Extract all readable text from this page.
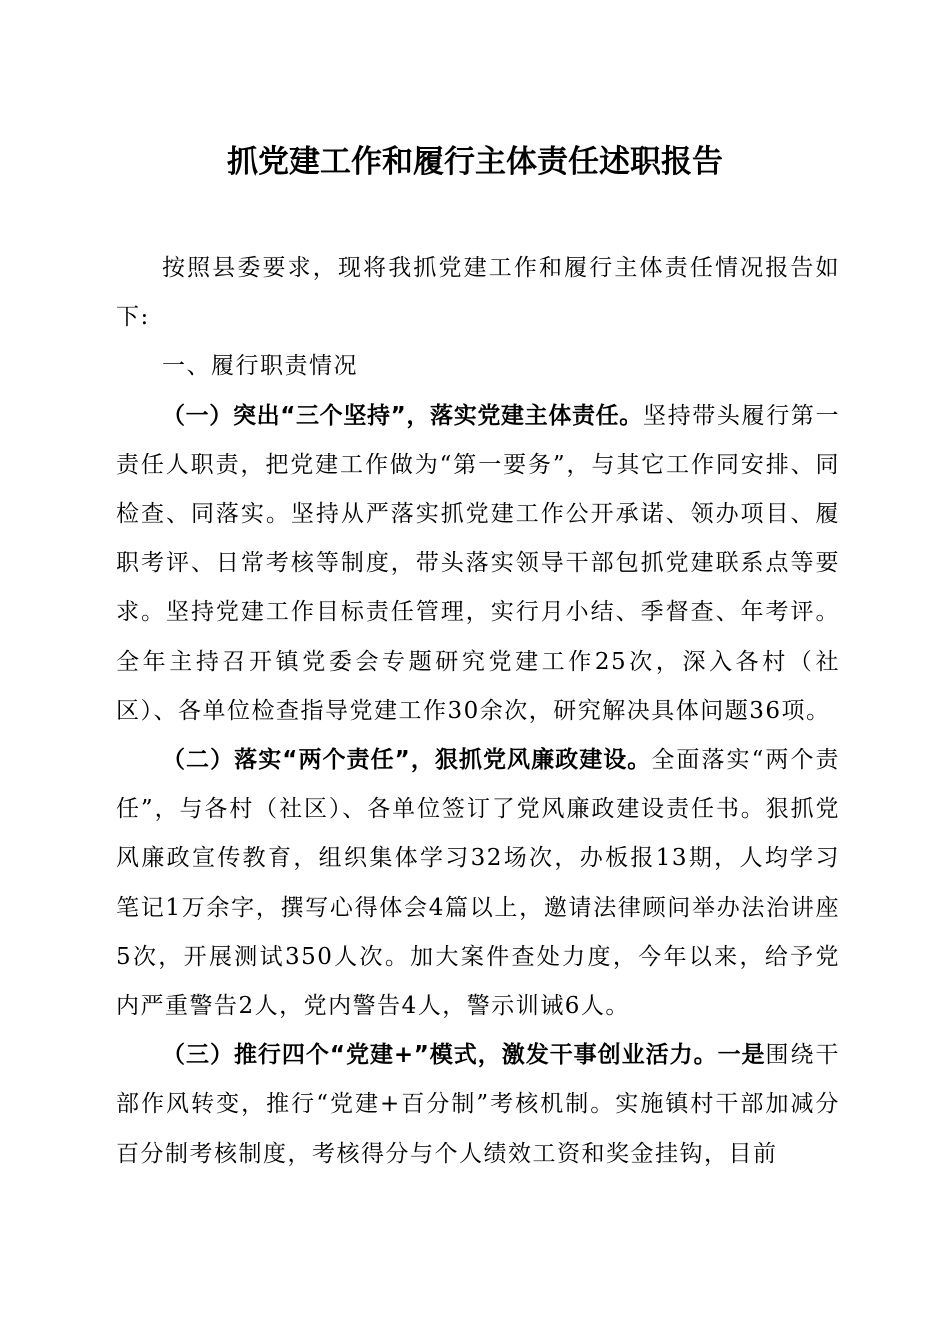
抓党建工作和履行主体责任述职报告

按照县委要求，现将我抓党建工作和履行主体责任情况报告如下:

一、履行职责情况

（一）突出“三个坚持”，落实党建主体责任。坚持带头履行第一责任人职责，把党建工作做为“第一要务”，与其它工作同安排、同检查、同落实。坚持从严落实抓党建工作公开承诺、领办项目、履职考评、日常考核等制度，带头落实领导干部包抓党建联系点等要求。坚持党建工作目标责任管理，实行月小结、季督查、年考评。全年主持召开镇党委会专题研究党建工作25次，深入各村（社区）、各单位检查指导党建工作30余次，研究解决具体问题36项。

（二）落实“两个责任”，狠抓党风廉政建设。全面落实“两个责任”，与各村（社区）、各单位签订了党风廉政建设责任书。狠抓党风廉政宣传教育，组织集体学习32场次，办板报13期，人均学习笔记1万余字，撰写心得体会4篇以上，邀请法律顾问举办法治讲座5次，开展测试350人次。加大案件查处力度，今年以来，给予党内严重警告2人，党内警告4人，警示训诫6人。

（三）推行四个“党建+”模式，激发干事创业活力。一是围绕干部作风转变，推行“党建+百分制”考核机制。实施镇村干部加减分百分制考核制度，考核得分与个人绩效工资和奖金挂钩，目前
